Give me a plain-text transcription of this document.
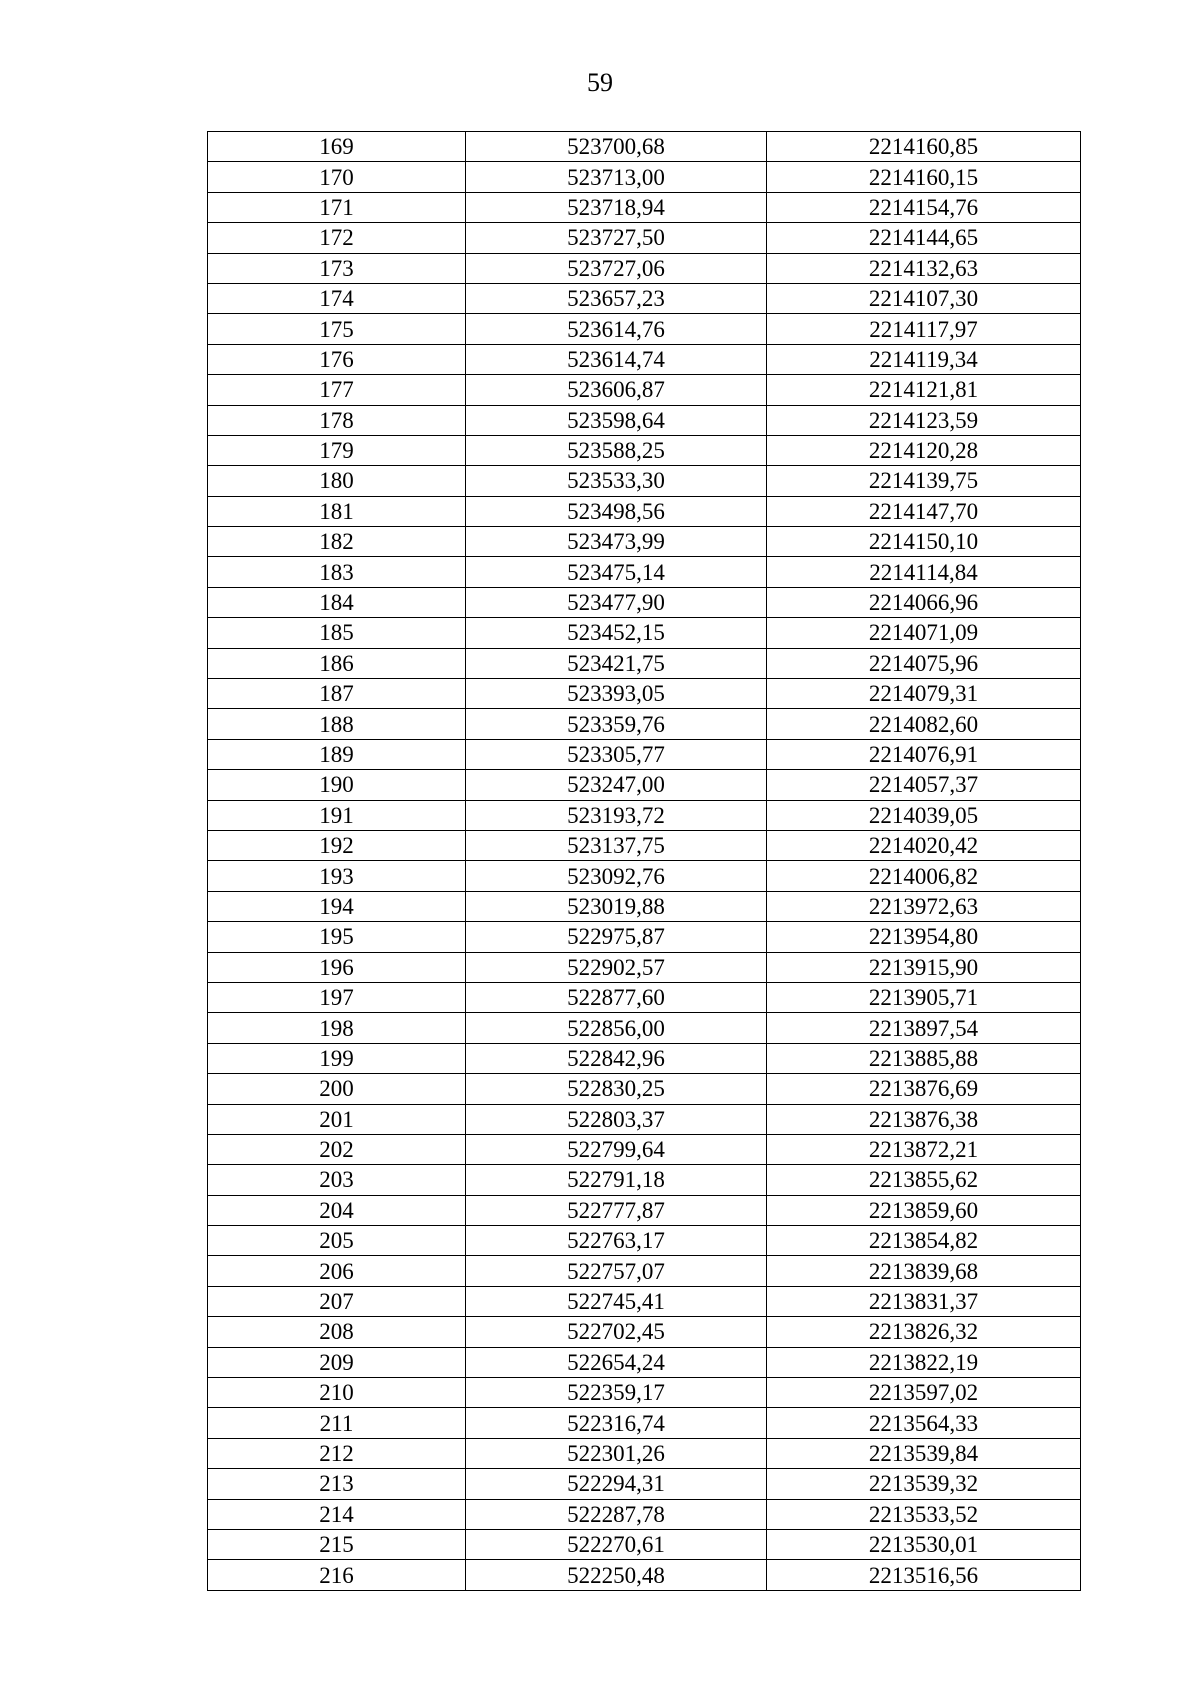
59
169	523700,68	2214160,85
170	523713,00	2214160,15
171	523718,94	2214154,76
172	523727,50	2214144,65
173	523727,06	2214132,63
174	523657,23	2214107,30
175	523614,76	2214117,97
176	523614,74	2214119,34
177	523606,87	2214121,81
178	523598,64	2214123,59
179	523588,25	2214120,28
180	523533,30	2214139,75
181	523498,56	2214147,70
182	523473,99	2214150,10
183	523475,14	2214114,84
184	523477,90	2214066,96
185	523452,15	2214071,09
186	523421,75	2214075,96
187	523393,05	2214079,31
188	523359,76	2214082,60
189	523305,77	2214076,91
190	523247,00	2214057,37
191	523193,72	2214039,05
192	523137,75	2214020,42
193	523092,76	2214006,82
194	523019,88	2213972,63
195	522975,87	2213954,80
196	522902,57	2213915,90
197	522877,60	2213905,71
198	522856,00	2213897,54
199	522842,96	2213885,88
200	522830,25	2213876,69
201	522803,37	2213876,38
202	522799,64	2213872,21
203	522791,18	2213855,62
204	522777,87	2213859,60
205	522763,17	2213854,82
206	522757,07	2213839,68
207	522745,41	2213831,37
208	522702,45	2213826,32
209	522654,24	2213822,19
210	522359,17	2213597,02
211	522316,74	2213564,33
212	522301,26	2213539,84
213	522294,31	2213539,32
214	522287,78	2213533,52
215	522270,61	2213530,01
216	522250,48	2213516,56
